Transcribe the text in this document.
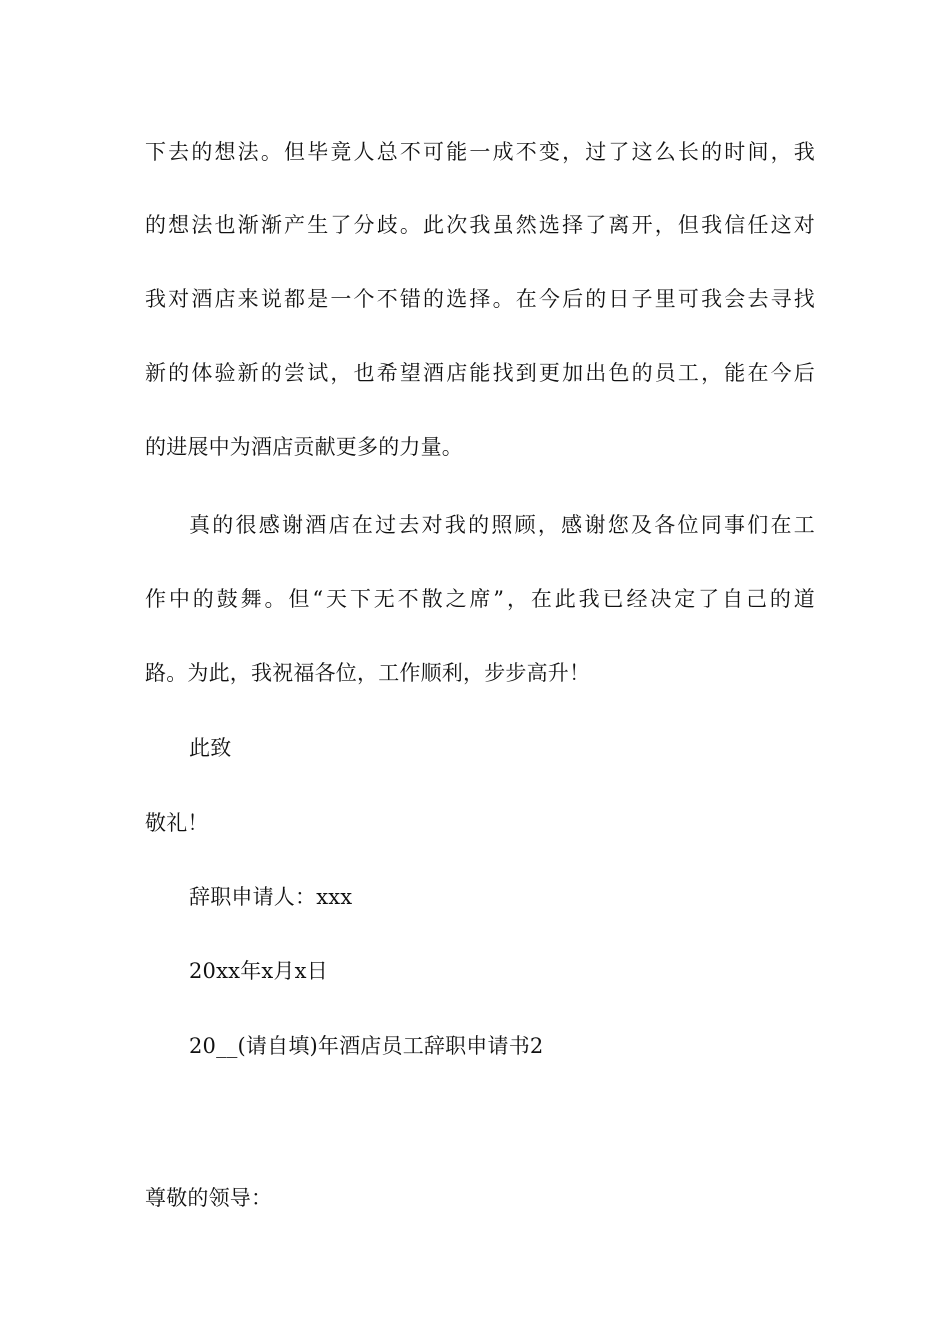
下去的想法。但毕竟人总不可能一成不变，过了这么长的时间，我
的想法也渐渐产生了分歧。此次我虽然选择了离开，但我信任这对
我对酒店来说都是一个不错的选择。在今后的日子里可我会去寻找
新的体验新的尝试，也希望酒店能找到更加出色的员工，能在今后
的进展中为酒店贡献更多的力量。
真的很感谢酒店在过去对我的照顾，感谢您及各位同事们在工
作中的鼓舞。但“天下无不散之席”，在此我已经决定了自己的道
路。为此，我祝福各位，工作顺利，步步高升！
此致
敬礼！
辞职申请人：xxx
20xx年x月x日
20__(请自填)年酒店员工辞职申请书2
尊敬的领导：
